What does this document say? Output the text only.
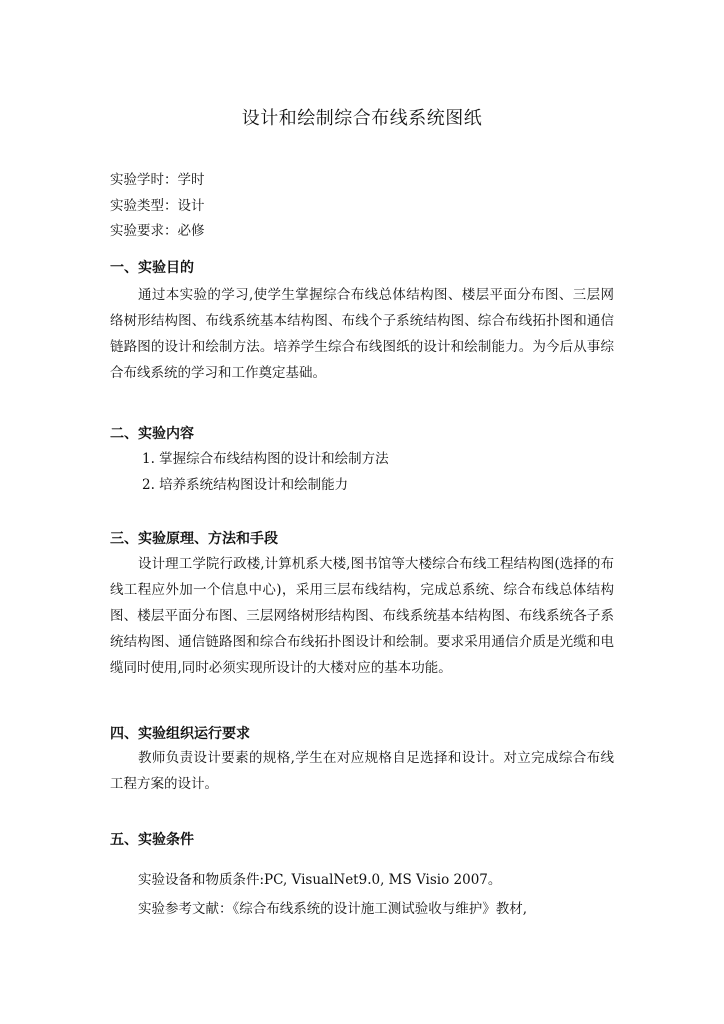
设计和绘制综合布线系统图纸
实验学时：学时
实验类型：设计
实验要求：必修
一、实验目的

通过本实验的学习,使学生掌握综合布线总体结构图、楼层平面分布图、三层网络树形结构图、布线系统基本结构图、布线个子系统结构图、综合布线拓扑图和通信链路图的设计和绘制方法。培养学生综合布线图纸的设计和绘制能力。为今后从事综合布线系统的学习和工作奠定基础。

二、实验内容
1. 掌握综合布线结构图的设计和绘制方法
2. 培养系统结构图设计和绘制能力
三、实验原理、方法和手段

设计理工学院行政楼,计算机系大楼,图书馆等大楼综合布线工程结构图(选择的布线工程应外加一个信息中心)，采用三层布线结构，完成总系统、综合布线总体结构图、楼层平面分布图、三层网络树形结构图、布线系统基本结构图、布线系统各子系统结构图、通信链路图和综合布线拓扑图设计和绘制。要求采用通信介质是光缆和电缆同时使用,同时必须实现所设计的大楼对应的基本功能。

四、实验组织运行要求

教师负责设计要素的规格,学生在对应规格自足选择和设计。对立完成综合布线工程方案的设计。

五、实验条件
实验设备和物质条件:PC, VisualNet9.0, MS Visio 2007。
实验参考文献：《综合布线系统的设计施工测试验收与维护》教材,
